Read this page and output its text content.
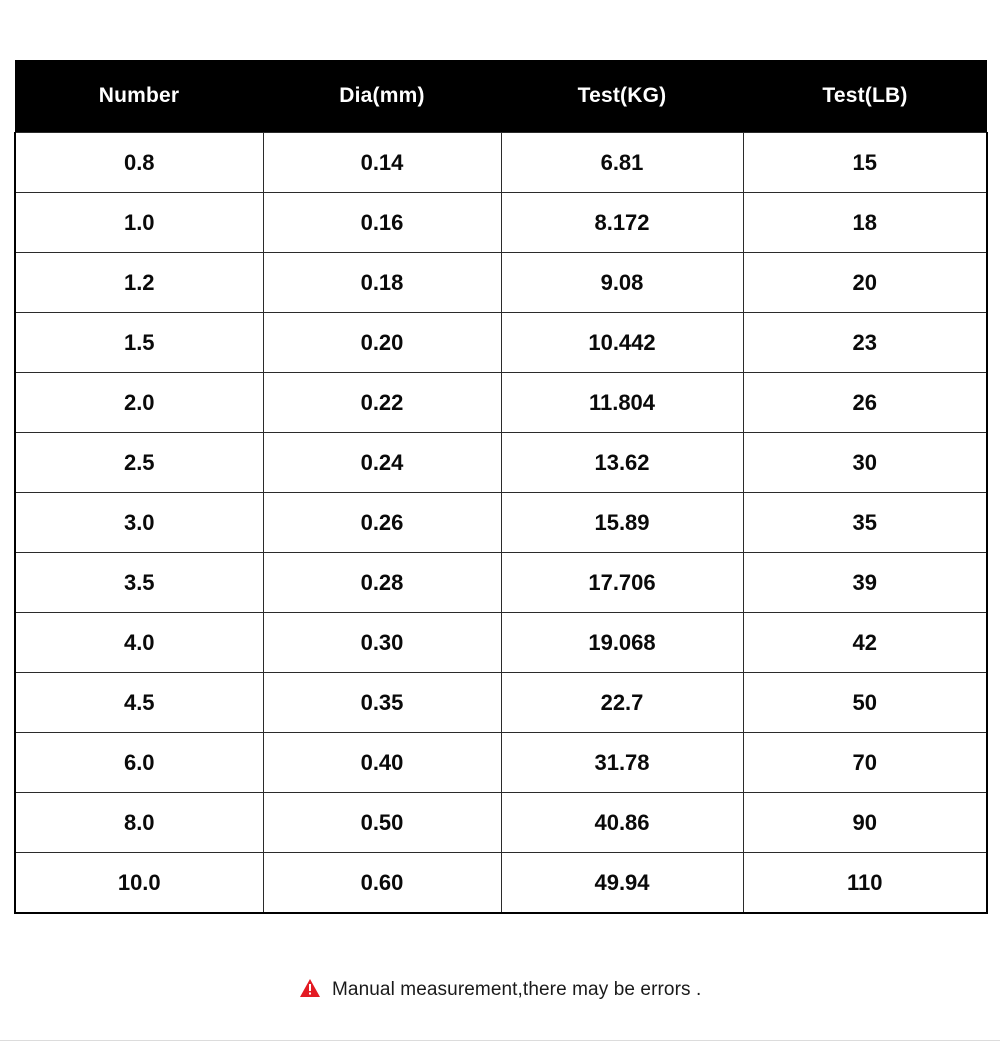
Number	Dia(mm)	Test(KG)	Test(LB)
0.8	0.14	6.81	15
1.0	0.16	8.172	18
1.2	0.18	9.08	20
1.5	0.20	10.442	23
2.0	0.22	11.804	26
2.5	0.24	13.62	30
3.0	0.26	15.89	35
3.5	0.28	17.706	39
4.0	0.30	19.068	42
4.5	0.35	22.7	50
6.0	0.40	31.78	70
8.0	0.50	40.86	90
10.0	0.60	49.94	110
Manual measurement,there may be errors .
